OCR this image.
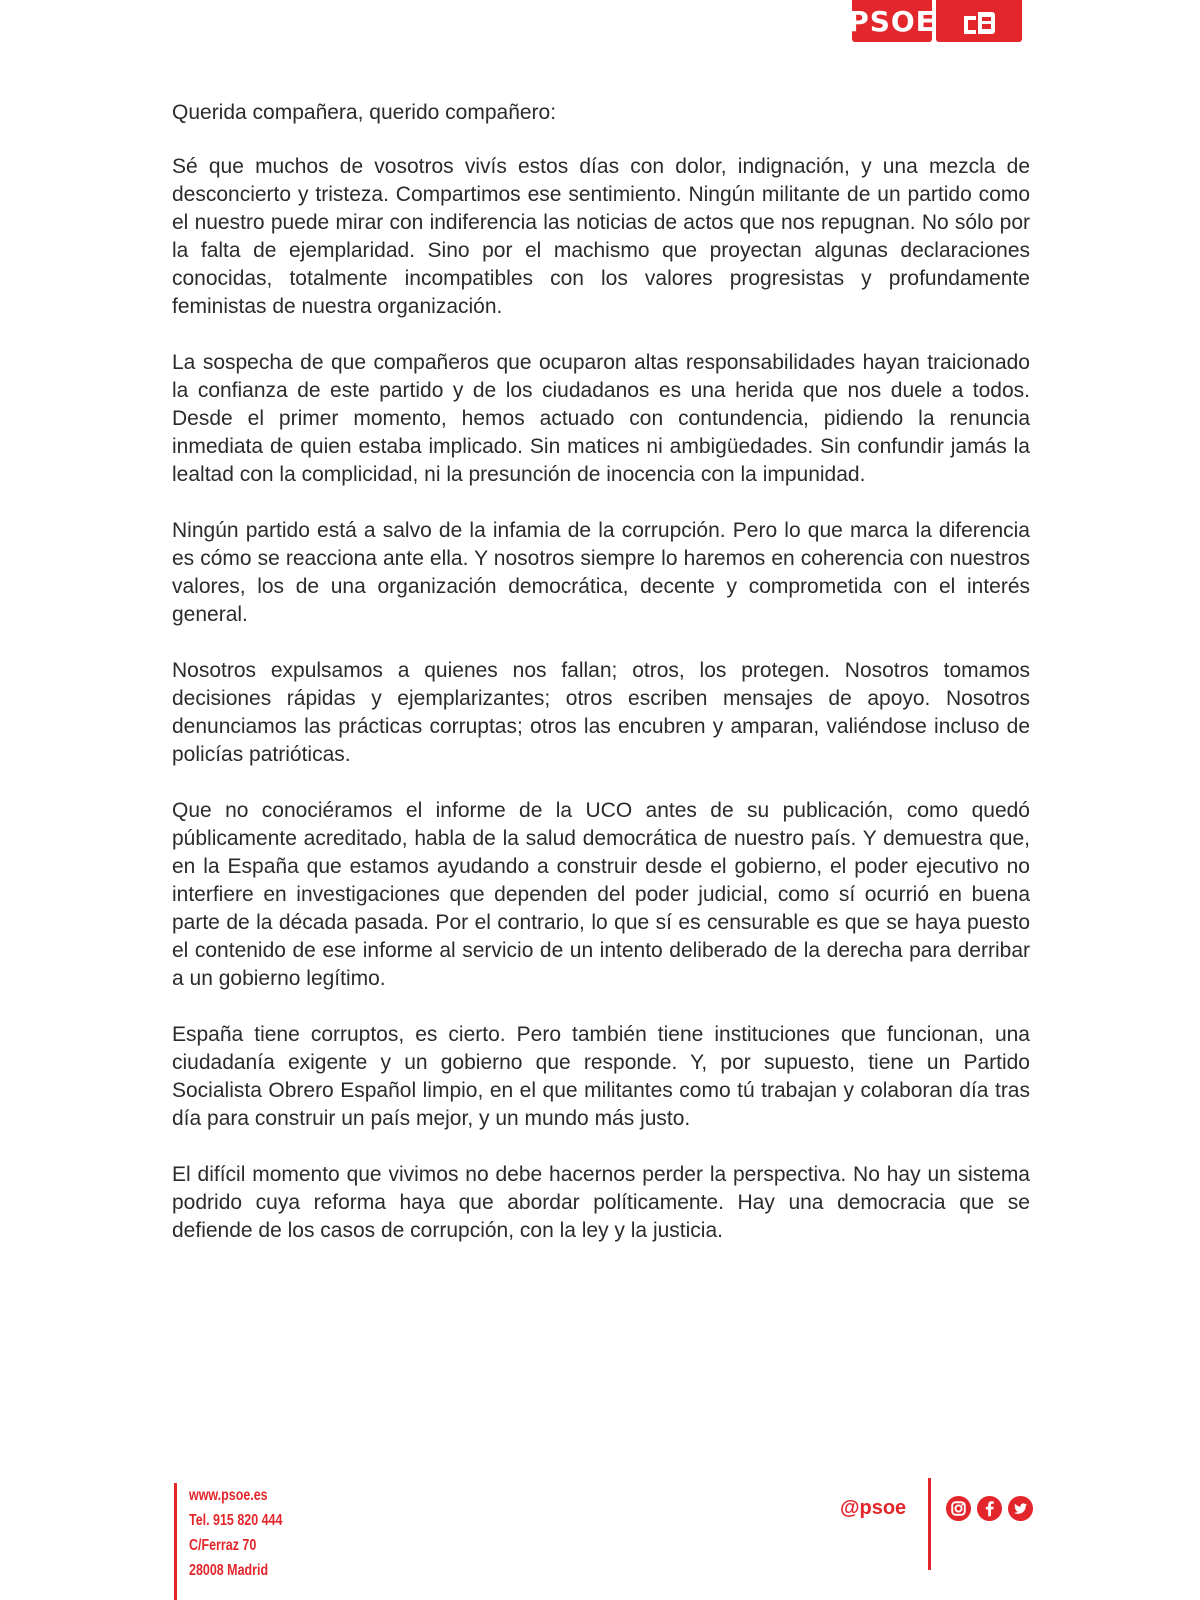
PSOE

Querida compañera, querido compañero:

Sé que muchos de vosotros vivís estos días con dolor, indignación, y una mezcla de desconcierto y tristeza. Compartimos ese sentimiento. Ningún militante de un partido como el nuestro puede mirar con indiferencia las noticias de actos que nos repugnan. No sólo por la falta de ejemplaridad. Sino por el machismo que proyectan algunas declaraciones conocidas, totalmente incompatibles con los valores progresistas y profundamente feministas de nuestra organización.

La sospecha de que compañeros que ocuparon altas responsabilidades hayan traicionado la confianza de este partido y de los ciudadanos es una herida que nos duele a todos. Desde el primer momento, hemos actuado con contundencia, pidiendo la renuncia inmediata de quien estaba implicado. Sin matices ni ambigüedades. Sin confundir jamás la lealtad con la complicidad, ni la presunción de inocencia con la impunidad.

Ningún partido está a salvo de la infamia de la corrupción. Pero lo que marca la diferencia es cómo se reacciona ante ella. Y nosotros siempre lo haremos en coherencia con nuestros valores, los de una organización democrática, decente y comprometida con el interés general.

Nosotros expulsamos a quienes nos fallan; otros, los protegen. Nosotros tomamos decisiones rápidas y ejemplarizantes; otros escriben mensajes de apoyo. Nosotros denunciamos las prácticas corruptas; otros las encubren y amparan, valiéndose incluso de policías patrióticas.

Que no conociéramos el informe de la UCO antes de su publicación, como quedó públicamente acreditado, habla de la salud democrática de nuestro país. Y demuestra que, en la España que estamos ayudando a construir desde el gobierno, el poder ejecutivo no interfiere en investigaciones que dependen del poder judicial, como sí ocurrió en buena parte de la década pasada. Por el contrario, lo que sí es censurable es que se haya puesto el contenido de ese informe al servicio de un intento deliberado de la derecha para derribar a un gobierno legítimo.

España tiene corruptos, es cierto. Pero también tiene instituciones que funcionan, una ciudadanía exigente y un gobierno que responde. Y, por supuesto, tiene un Partido Socialista Obrero Español limpio, en el que militantes como tú trabajan y colaboran día tras día para construir un país mejor, y un mundo más justo.

El difícil momento que vivimos no debe hacernos perder la perspectiva. No hay un sistema podrido cuya reforma haya que abordar políticamente. Hay una democracia que se defiende de los casos de corrupción, con la ley y la justicia.

www.psoe.es
Tel. 915 820 444
C/Ferraz 70
28008 Madrid
@psoe
